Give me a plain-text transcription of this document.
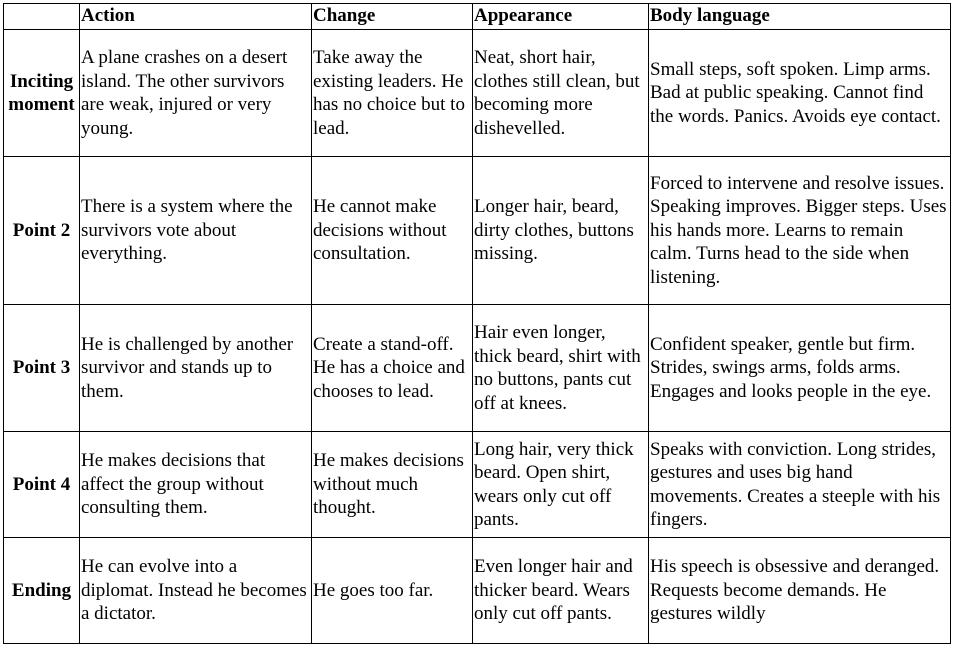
	Action	Change	Appearance	Body language
Inciting moment	A plane crashes on a desert island. The other survivors are weak, injured or very young.	Take away the existing leaders. He has no choice but to lead.	Neat, short hair, clothes still clean, but becoming more dishevelled.	Small steps, soft spoken. Limp arms. Bad at public speaking. Cannot find the words. Panics. Avoids eye contact.
Point 2	There is a system where the survivors vote about everything.	He cannot make decisions without consultation.	Longer hair, beard, dirty clothes, buttons missing.	Forced to intervene and resolve issues. Speaking improves. Bigger steps. Uses his hands more. Learns to remain calm. Turns head to the side when listening.
Point 3	He is challenged by another survivor and stands up to them.	Create a stand-off. He has a choice and chooses to lead.	Hair even longer, thick beard, shirt with no buttons, pants cut off at knees.	Confident speaker, gentle but firm. Strides, swings arms, folds arms. Engages and looks people in the eye.
Point 4	He makes decisions that affect the group without consulting them.	He makes decisions without much thought.	Long hair, very thick beard. Open shirt, wears only cut off pants.	Speaks with conviction. Long strides, gestures and uses big hand movements. Creates a steeple with his fingers.
Ending	He can evolve into a diplomat. Instead he becomes a dictator.	He goes too far.	Even longer hair and thicker beard. Wears only cut off pants.	His speech is obsessive and deranged. Requests become demands. He gestures wildly
